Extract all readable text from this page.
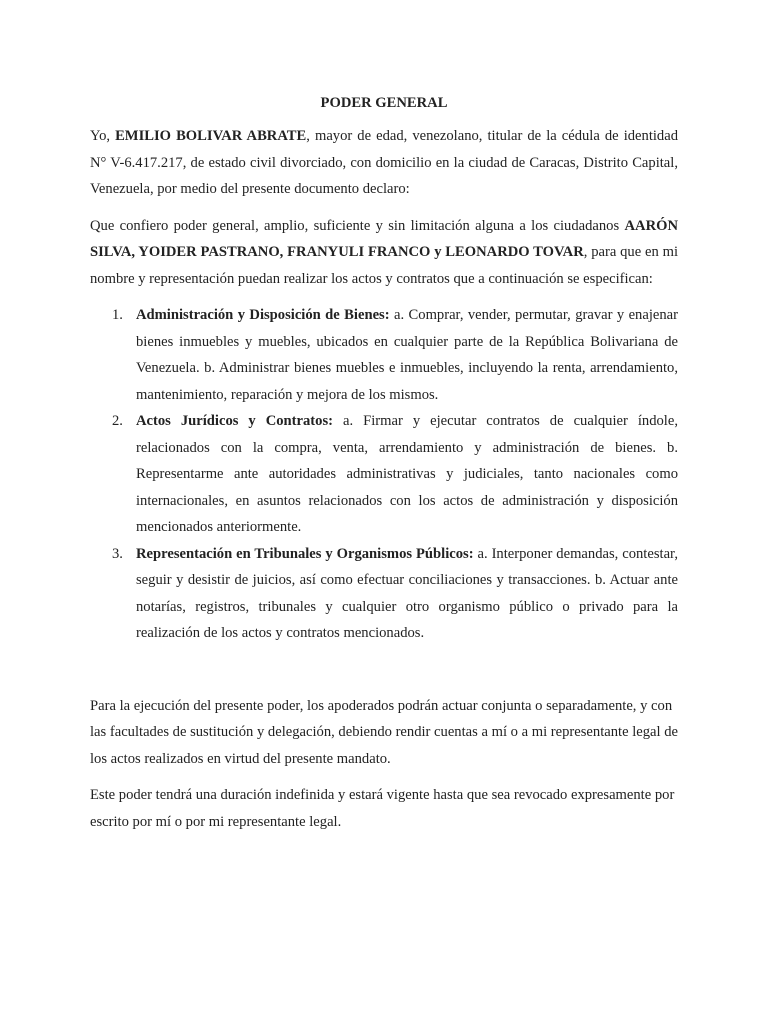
PODER GENERAL

Yo, EMILIO BOLIVAR ABRATE, mayor de edad, venezolano, titular de la cédula de identidad N° V-6.417.217, de estado civil divorciado, con domicilio en la ciudad de Caracas, Distrito Capital, Venezuela, por medio del presente documento declaro:

Que confiero poder general, amplio, suficiente y sin limitación alguna a los ciudadanos AARÓN SILVA, YOIDER PASTRANO, FRANYULI FRANCO y LEONARDO TOVAR, para que en mi nombre y representación puedan realizar los actos y contratos que a continuación se especifican:

1. Administración y Disposición de Bienes: a. Comprar, vender, permutar, gravar y enajenar bienes inmuebles y muebles, ubicados en cualquier parte de la República Bolivariana de Venezuela. b. Administrar bienes muebles e inmuebles, incluyendo la renta, arrendamiento, mantenimiento, reparación y mejora de los mismos.
2. Actos Jurídicos y Contratos: a. Firmar y ejecutar contratos de cualquier índole, relacionados con la compra, venta, arrendamiento y administración de bienes. b. Representarme ante autoridades administrativas y judiciales, tanto nacionales como internacionales, en asuntos relacionados con los actos de administración y disposición mencionados anteriormente.
3. Representación en Tribunales y Organismos Públicos: a. Interponer demandas, contestar, seguir y desistir de juicios, así como efectuar conciliaciones y transacciones. b. Actuar ante notarías, registros, tribunales y cualquier otro organismo público o privado para la realización de los actos y contratos mencionados.

Para la ejecución del presente poder, los apoderados podrán actuar conjunta o separadamente, y con las facultades de sustitución y delegación, debiendo rendir cuentas a mí o a mi representante legal de los actos realizados en virtud del presente mandato.

Este poder tendrá una duración indefinida y estará vigente hasta que sea revocado expresamente por escrito por mí o por mi representante legal.
